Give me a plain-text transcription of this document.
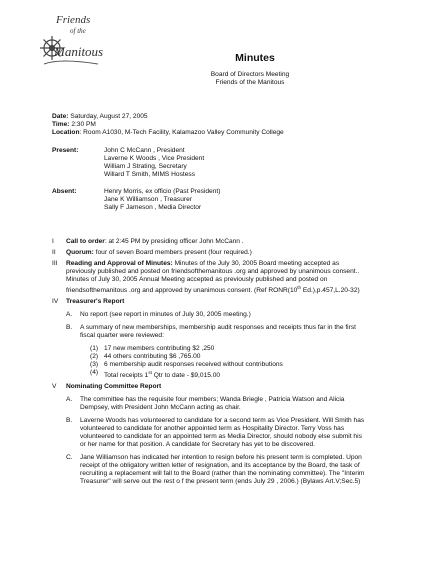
Friends
of the
Manitous	Minutes
Board of Directors Meeting
Friends of the Manitous
Date: Saturday, August 27, 2005
Time: 2:30 PM
Location: Room A1030, M-Tech Facility, Kalamazoo Valley Community College
Present:	John C McCann , President
Laverne K Woods , Vice President
William J Strating, Secretary
Willard T Smith, MIMS Hostess
Absent:	Henry Morris, ex officio (Past President)
Jane K Williamson , Treasurer
Sally F Jameson , Media Director
I Call to order: at 2:45 PM by presiding officer John McCann .
II Quorum: four of seven Board members present (four required.)
III Reading and Approval of Minutes: Minutes of the July 30, 2005 Board meeting accepted as
previously published and posted on friendsofthemanitous .org and approved by unanimous consent..
Minutes of July 30, 2005 Annual Meeting accepted as previously published and posted on
friendsofthemanitous .org and approved by unanimous consent. (Ref RONR(10th Ed.),p.457,L.20-32)
IV Treasurer's Report
A. No report (see report in minutes of July 30, 2005 meeting.)
B. A summary of new memberships, membership audit responses and receipts thus far in the first
fiscal quarter were reviewed:
(1) 17 new members contributing $2 ,250
(2) 44 others contributing $6 ,765.00
(3) 6 membership audit responses received without contributions
(4) Total receipts 1st Qtr to date - $9,015.00
V Nominating Committee Report
A. The committee has the requisite four members; Wanda Briegle , Patricia Watson and Alicia
Dempsey, with President John McCann acting as chair.
B. Laverne Woods has volunteered to candidate for a second term as Vice President. Will Smith has
volunteered to candidate for another appointed term as Hospitality Director. Terry Voss has
volunteered to candidate for an appointed term as Media Director, should nobody else submit his
or her name for that position. A candidate for Secretary has yet to be discovered.
C. Jane Williamson has indicated her intention to resign before his present term is completed. Upon
receipt of the obligatory written letter of resignation, and its acceptance by the Board, the task of
recruiting a replacement will fall to the Board (rather than the nominating committee). The "Interim
Treasurer" will serve out the rest o f the present term (ends July 29 , 2006.) (Bylaws Art.V;Sec.5)
